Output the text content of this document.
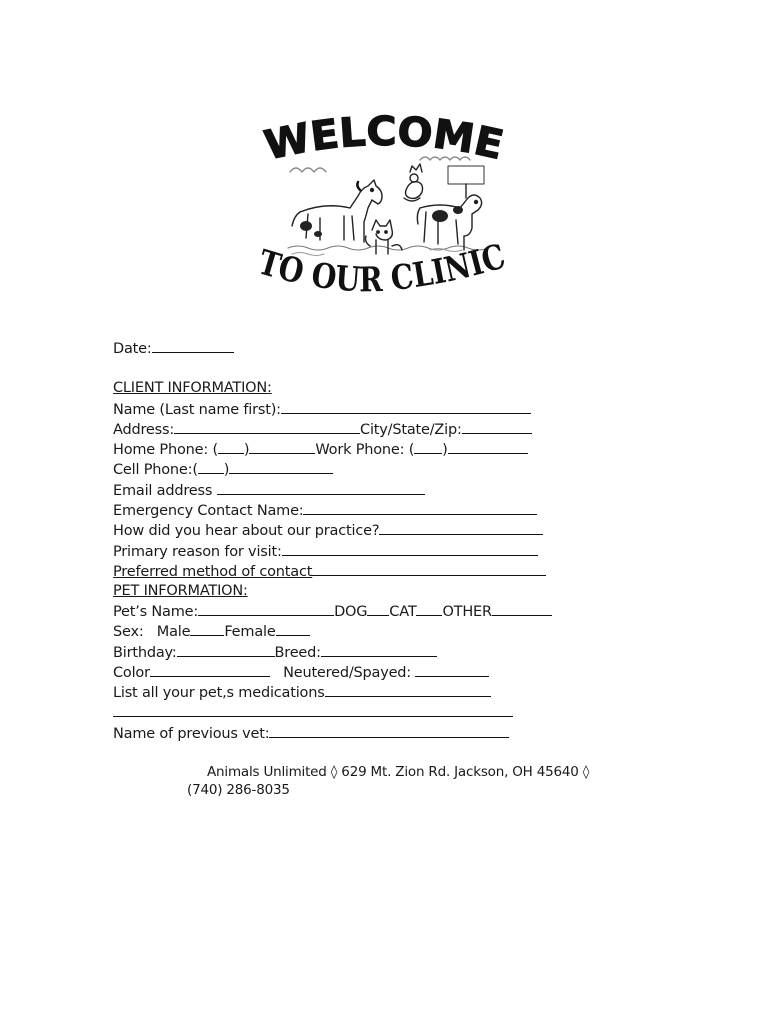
WELCOME
TO OUR CLINIC
Date:
CLIENT INFORMATION:
Name (Last name first):
Address:	City/State/Zip:
Home Phone: ( )	Work Phone: ( )
Cell Phone:( )
Email address
Emergency Contact Name:
How did you hear about our practice?
Primary reason for visit:
Preferred method of contact
PET INFORMATION:
Pet’s Name:	DOG CAT OTHER
Sex: Male Female
Birthday:	Breed:
Color	Neutered/Spayed:
List all your pet,s medications
Name of previous vet:
Animals Unlimited ◊ 629 Mt. Zion Rd. Jackson, OH 45640 ◊
(740) 286-8035
